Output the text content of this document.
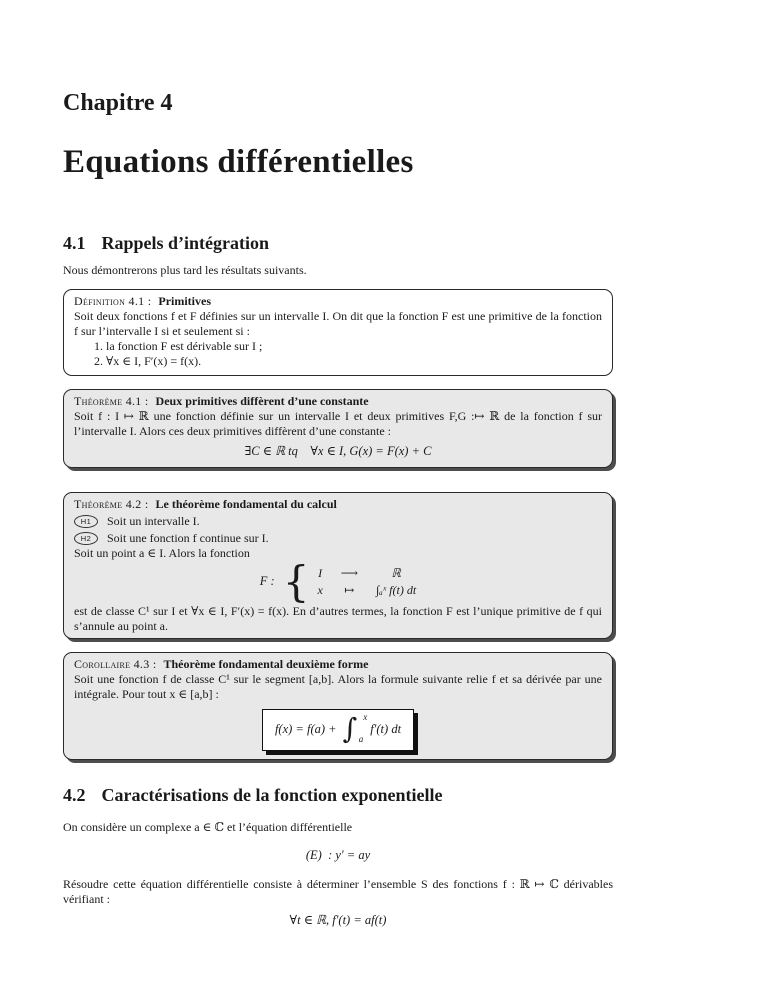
Chapitre 4
Equations différentielles
4.1 Rappels d’intégration
Nous démontrerons plus tard les résultats suivants.
Définition 4.1 : Primitives
Soit deux fonctions f et F définies sur un intervalle I. On dit que la fonction F est une primitive de la fonction f sur l’intervalle I si et seulement si :
1. la fonction F est dérivable sur I ;
2. ∀x ∈ I, F′(x) = f(x).
Théorème 4.1 : Deux primitives diffèrent d’une constante
Soit f : I ↦ ℝ une fonction définie sur un intervalle I et deux primitives F,G :↦ ℝ de la fonction f sur l’intervalle I. Alors ces deux primitives diffèrent d’une constante :
∃C ∈ ℝ tq    ∀x ∈ I, G(x) = F(x) + C
Théorème 4.2 : Le théorème fondamental du calcul
H1 Soit un intervalle I.
H2 Soit une fonction f continue sur I.
Soit un point a ∈ I. Alors la fonction
F : { I ⟶	ℝ
x ↦ ∫ₐˣ f(t) dt
est de classe C¹ sur I et ∀x ∈ I, F′(x) = f(x). En d’autres termes, la fonction F est l’unique primitive de f qui s’annule au point a.
Corollaire 4.3 : Théorème fondamental deuxième forme
Soit une fonction f de classe C¹ sur le segment [a,b]. Alors la formule suivante relie f et sa dérivée par une intégrale. Pour tout x ∈ [a,b] :
f(x) = f(a) + ∫ x
a
f′(t) dt
4.2 Caractérisations de la fonction exponentielle
On considère un complexe a ∈ ℂ et l’équation différentielle
(E)  : y′ = ay
Résoudre cette équation différentielle consiste à déterminer l’ensemble S des fonctions f : ℝ ↦ ℂ dérivables
vérifiant :
∀t ∈ ℝ, f′(t) = af(t)
